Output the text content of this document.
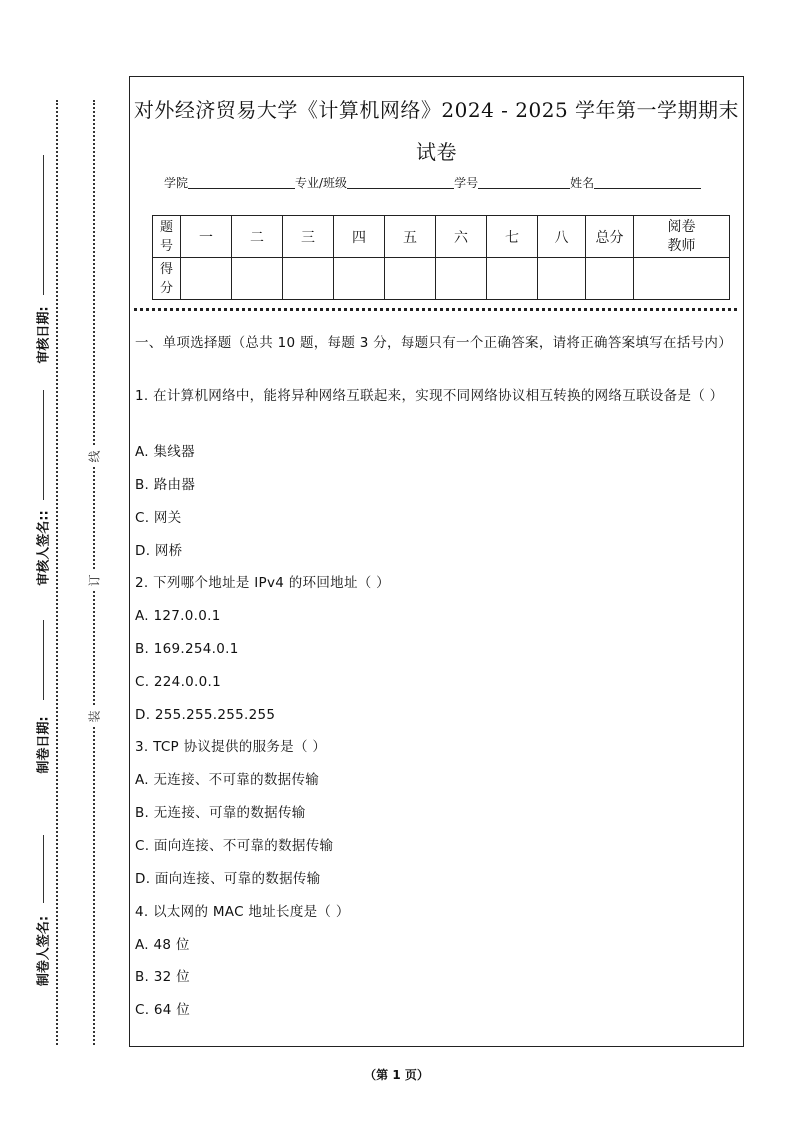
审核日期:
审核人签名::
制卷日期:
制卷人签名:
线
订
装
对外经济贸易大学《计算机网络》2024 - 2025 学年第一学期期末
试卷
学院	专业/班级	学号	姓名
题
号	一	二	三	四	五	六	七	八	总分	阅卷
教师
得
分										
一、单项选择题（总共 10 题，每题 3 分，每题只有一个正确答案，请将正确答案填写在括号内）
1. 在计算机网络中，能将异种网络互联起来，实现不同网络协议相互转换的网络互联设备是（ ）
A. 集线器
B. 路由器
C. 网关
D. 网桥
2. 下列哪个地址是 IPv4 的环回地址（ ）
A. 127.0.0.1
B. 169.254.0.1
C. 224.0.0.1
D. 255.255.255.255
3. TCP 协议提供的服务是（ ）
A. 无连接、不可靠的数据传输
B. 无连接、可靠的数据传输
C. 面向连接、不可靠的数据传输
D. 面向连接、可靠的数据传输
4. 以太网的 MAC 地址长度是（ ）
A. 48 位
B. 32 位
C. 64 位
（第 1 页）
